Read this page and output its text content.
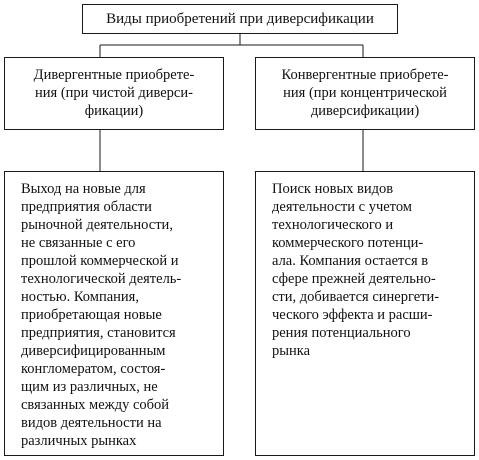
Виды приобретений при диверсификации
Дивергентные приобрете-
ния (при чистой диверси-
фикации)
Конвергентные приобрете-
ния (при концентрической
диверсификации)
Выход на новые для
предприятия области
рыночной деятельности,
не связанные с его
прошлой коммерческой и
технологической деятель-
ностью. Компания,
приобретающая новые
предприятия, становится
диверсифицированным
конгломератом, состоя-
щим из различных, не
связанных между собой
видов деятельности на
различных рынках
Поиск новых видов
деятельности с учетом
технологического и
коммерческого потенци-
ала. Компания остается в
сфере прежней деятельно-
сти, добивается синергети-
ческого эффекта и расши-
рения потенциального
рынка
